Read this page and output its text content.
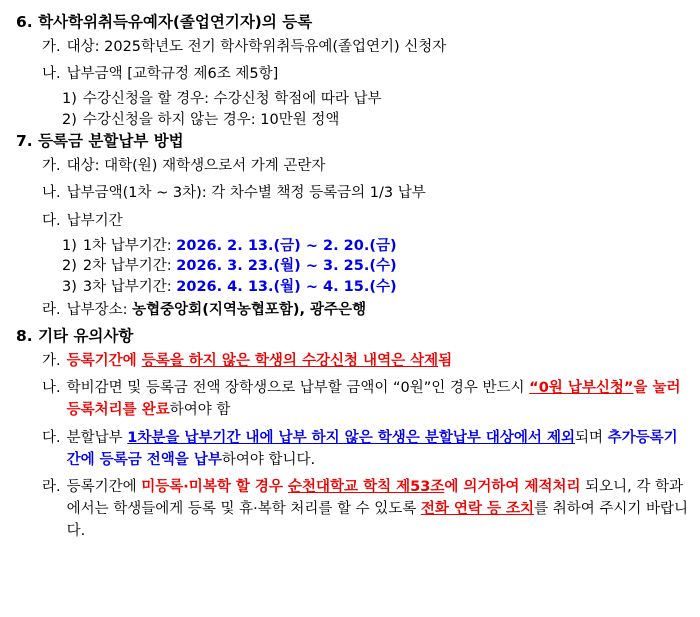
6. 학사학위취득유예자(졸업연기자)의 등록
가. 대상: 2025학년도 전기 학사학위취득유예(졸업연기) 신청자
나. 납부금액 [교학규정 제6조 제5항]
1) 수강신청을 할 경우: 수강신청 학점에 따라 납부
2) 수강신청을 하지 않는 경우: 10만원 정액
7. 등록금 분할납부 방법
가. 대상: 대학(원) 재학생으로서 가계 곤란자
나. 납부금액(1차 ~ 3차): 각 차수별 책정 등록금의 1/3 납부
다. 납부기간
1) 1차 납부기간: 2026. 2. 13.(금) ~ 2. 20.(금)
2) 2차 납부기간: 2026. 3. 23.(월) ~ 3. 25.(수)
3) 3차 납부기간: 2026. 4. 13.(월) ~ 4. 15.(수)
라. 납부장소: 농협중앙회(지역농협포함), 광주은행
8. 기타 유의사항
가. 등록기간에 등록을 하지 않은 학생의 수강신청 내역은 삭제됨
나. 학비감면 및 등록금 전액 장학생으로 납부할 금액이 “0원”인 경우 반드시 “0원 납부신청”을 눌러 등록처리를 완료하여야 함
다. 분할납부 1차분을 납부기간 내에 납부 하지 않은 학생은 분할납부 대상에서 제외되며 추가등록기간에 등록금 전액을 납부하여야 합니다.
라. 등록기간에 미등록·미복학 할 경우 순천대학교 학칙 제53조에 의거하여 제적처리 되오니, 각 학과에서는 학생들에게 등록 및 휴·복학 처리를 할 수 있도록 전화 연락 등 조치를 취하여 주시기 바랍니다.
